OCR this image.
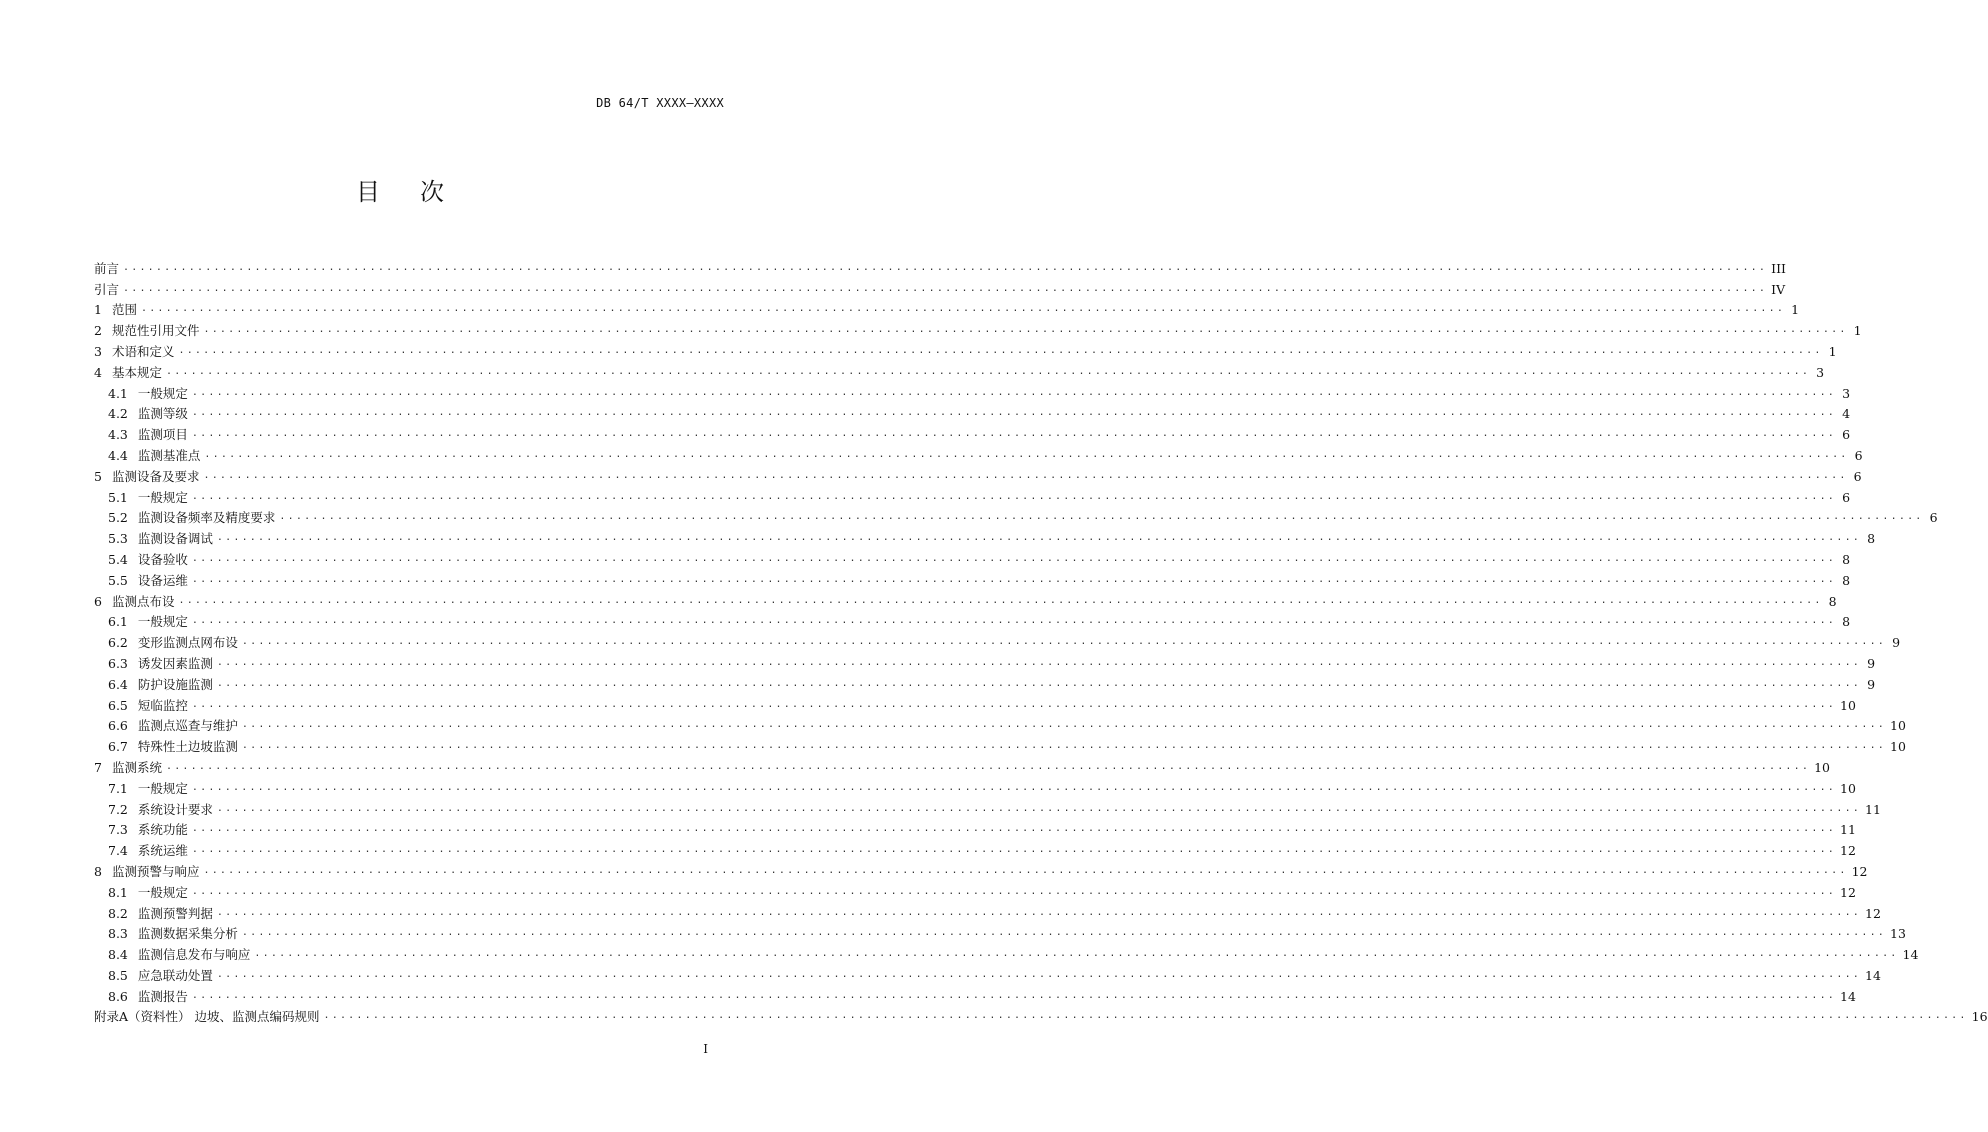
DB 64/T XXXX—XXXX
目次
前言 ........................................................................................................................................................................................................ III
引言 ........................................................................................................................................................................................................ IV
1 范围 ........................................................................................................................................................................................................ 1
2 规范性引用文件 ........................................................................................................................................................................................................ 1
3 术语和定义 ........................................................................................................................................................................................................ 1
4 基本规定 ........................................................................................................................................................................................................ 3
4.1 一般规定 ........................................................................................................................................................................................................ 3
4.2 监测等级 ........................................................................................................................................................................................................ 4
4.3 监测项目 ........................................................................................................................................................................................................ 6
4.4 监测基准点 ........................................................................................................................................................................................................ 6
5 监测设备及要求 ........................................................................................................................................................................................................ 6
5.1 一般规定 ........................................................................................................................................................................................................ 6
5.2 监测设备频率及精度要求 ........................................................................................................................................................................................................ 6
5.3 监测设备调试 ........................................................................................................................................................................................................ 8
5.4 设备验收 ........................................................................................................................................................................................................ 8
5.5 设备运维 ........................................................................................................................................................................................................ 8
6 监测点布设 ........................................................................................................................................................................................................ 8
6.1 一般规定 ........................................................................................................................................................................................................ 8
6.2 变形监测点网布设 ........................................................................................................................................................................................................ 9
6.3 诱发因素监测 ........................................................................................................................................................................................................ 9
6.4 防护设施监测 ........................................................................................................................................................................................................ 9
6.5 短临监控 ........................................................................................................................................................................................................ 10
6.6 监测点巡查与维护 ........................................................................................................................................................................................................ 10
6.7 特殊性土边坡监测 ........................................................................................................................................................................................................ 10
7 监测系统 ........................................................................................................................................................................................................ 10
7.1 一般规定 ........................................................................................................................................................................................................ 10
7.2 系统设计要求 ........................................................................................................................................................................................................ 11
7.3 系统功能 ........................................................................................................................................................................................................ 11
7.4 系统运维 ........................................................................................................................................................................................................ 12
8 监测预警与响应 ........................................................................................................................................................................................................ 12
8.1 一般规定 ........................................................................................................................................................................................................ 12
8.2 监测预警判据 ........................................................................................................................................................................................................ 12
8.3 监测数据采集分析 ........................................................................................................................................................................................................ 13
8.4 监测信息发布与响应 ........................................................................................................................................................................................................ 14
8.5 应急联动处置 ........................................................................................................................................................................................................ 14
8.6 监测报告 ........................................................................................................................................................................................................ 14
附录A（资料性） 边坡、监测点编码规则 ........................................................................................................................................................................................................ 16
I
